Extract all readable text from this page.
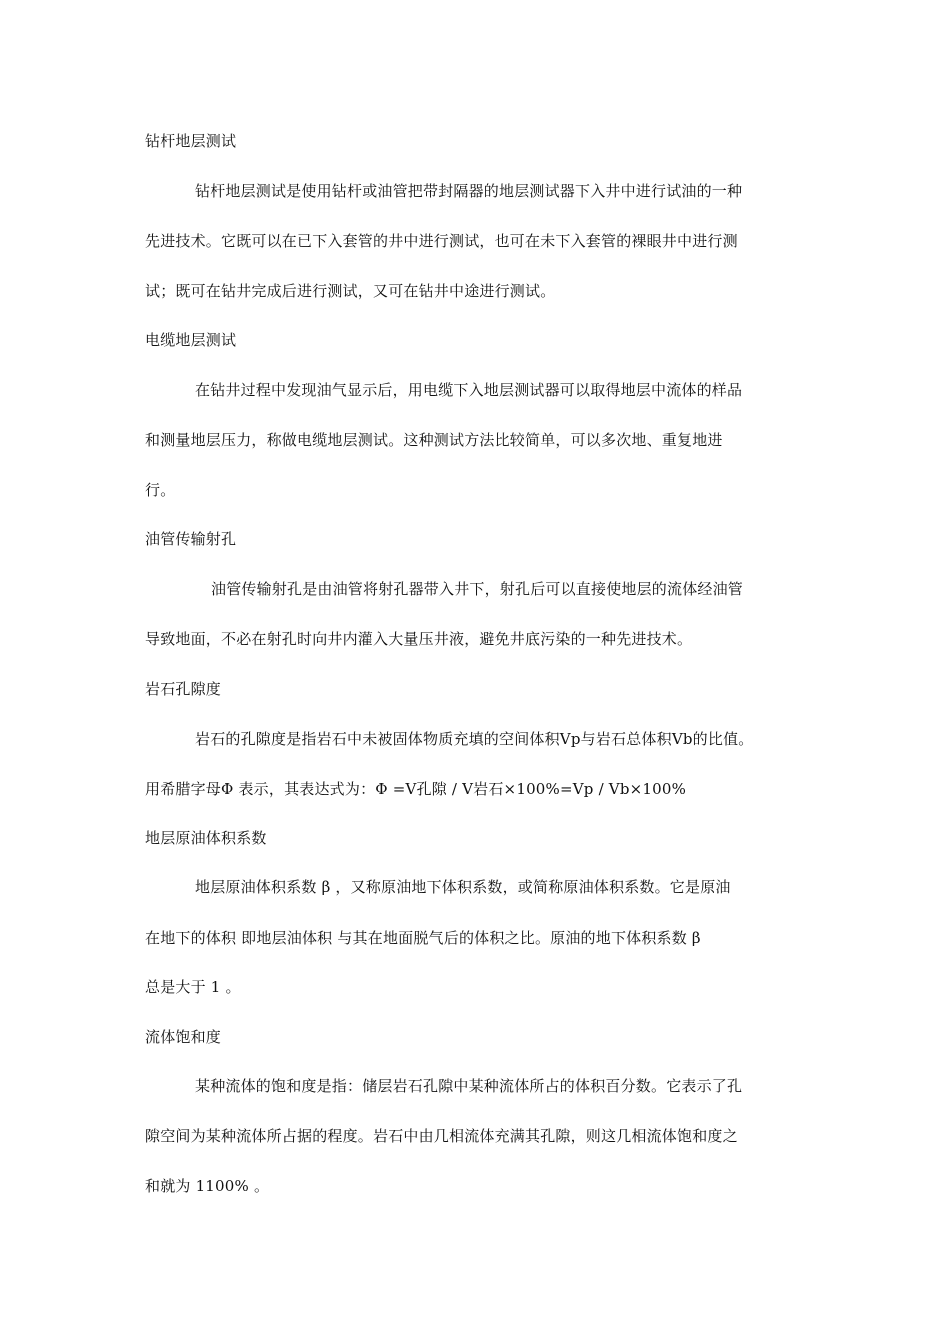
钻杆地层测试
钻杆地层测试是使用钻杆或油管把带封隔器的地层测试器下入井中进行试油的一种
先进技术。它既可以在已下入套管的井中进行测试，也可在未下入套管的裸眼井中进行测
试；既可在钻井完成后进行测试，又可在钻井中途进行测试。
电缆地层测试
在钻井过程中发现油气显示后，用电缆下入地层测试器可以取得地层中流体的样品
和测量地层压力，称做电缆地层测试。这种测试方法比较简单，可以多次地、重复地进
行。
油管传输射孔
油管传输射孔是由油管将射孔器带入井下，射孔后可以直接使地层的流体经油管
导致地面，不必在射孔时向井内灌入大量压井液，避免井底污染的一种先进技术。
岩石孔隙度
岩石的孔隙度是指岩石中未被固体物质充填的空间体积Vp与岩石总体积Vb的比值。
用希腊字母Φ 表示，其表达式为：Φ =V孔隙 / V岩石×100%=Vp / Vb×100%
地层原油体积系数
地层原油体积系数 β ，又称原油地下体积系数，或简称原油体积系数。它是原油
在地下的体积 即地层油体积 与其在地面脱气后的体积之比。原油的地下体积系数 β
总是大于 1 。
流体饱和度
某种流体的饱和度是指：储层岩石孔隙中某种流体所占的体积百分数。它表示了孔
隙空间为某种流体所占据的程度。岩石中由几相流体充满其孔隙，则这几相流体饱和度之
和就为 1100% 。
